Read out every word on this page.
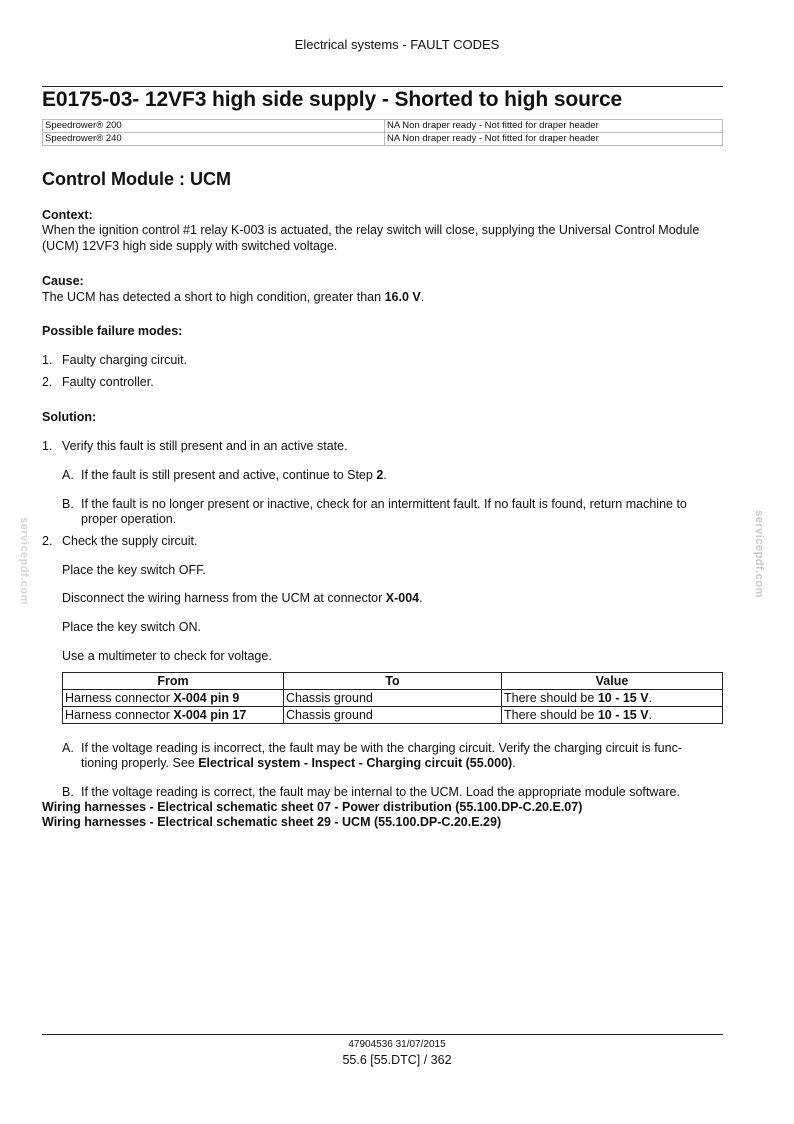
Electrical systems - FAULT CODES
E0175-03- 12VF3 high side supply - Shorted to high source
Speedrower® 200	NA Non draper ready - Not fitted for draper header
Speedrower® 240	NA Non draper ready - Not fitted for draper header
Control Module : UCM
Context:
When the ignition control #1 relay K-003 is actuated, the relay switch will close, supplying the Universal Control Module
(UCM) 12VF3 high side supply with switched voltage.
Cause:
The UCM has detected a short to high condition, greater than 16.0 V.
Possible failure modes:
1. Faulty charging circuit.
2. Faulty controller.
Solution:
1. Verify this fault is still present and in an active state.
A. If the fault is still present and active, continue to Step 2.
B. If the fault is no longer present or inactive, check for an intermittent fault. If no fault is found, return machine to
proper operation.
2. Check the supply circuit.
Place the key switch OFF.
Disconnect the wiring harness from the UCM at connector X-004.
Place the key switch ON.
Use a multimeter to check for voltage.
From	To	Value
Harness connector X-004 pin 9	Chassis ground	There should be 10 - 15 V.
Harness connector X-004 pin 17	Chassis ground	There should be 10 - 15 V.
A. If the voltage reading is incorrect, the fault may be with the charging circuit. Verify the charging circuit is func-
tioning properly. See Electrical system - Inspect - Charging circuit (55.000).
B. If the voltage reading is correct, the fault may be internal to the UCM. Load the appropriate module software.
Wiring harnesses - Electrical schematic sheet 07 - Power distribution (55.100.DP-C.20.E.07)
Wiring harnesses - Electrical schematic sheet 29 - UCM (55.100.DP-C.20.E.29)
servicepdf.com	servicepdf.com
47904536 31/07/2015
55.6 [55.DTC] / 362
